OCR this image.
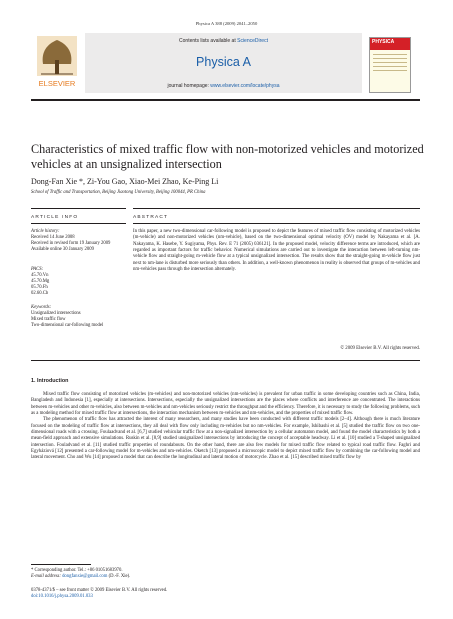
Physica A 388 (2009) 2041–2050
Contents lists available at ScienceDirect
Physica A
journal homepage: www.elsevier.com/locate/physa
ELSEVIER
PHYSICA
Characteristics of mixed traffic flow with non-motorized vehicles and motorized vehicles at an unsignalized intersection
Dong-Fan Xie *, Zi-You Gao, Xiao-Mei Zhao, Ke-Ping Li
School of Traffic and Transportation, Beijing Jiaotong University, Beijing 100044, PR China
ARTICLE INFO	ABSTRACT
Article history:
Received 14 June 2008
Received in revised form 19 January 2009
Available online 30 January 2009
PACS:
45.70.Vn
45.70.Mg
05.70.Fh
02.60.Cb
Keywords:
Unsignalized intersections
Mixed traffic flow
Two-dimensional car-following model
In this paper, a new two-dimensional car-following model is proposed to depict the features of mixed traffic flow consisting of motorized vehicles (m-vehicle) and non-motorized vehicles (nm-vehicle), based on the two-dimensional optimal velocity (OV) model by Nakayama et al. [A. Nakayama, K. Hasebe, Y. Sugiyama, Phys. Rev. E 71 (2005) 036121]. In the proposed model, velocity difference terms are introduced, which are regarded as important factors for traffic behavior. Numerical simulations are carried out to investigate the interaction between left-turning nm-vehicle flow and straight-going m-vehicle flow at a typical unsignalized intersection. The results show that the straight-going m-vehicle flow just next to nm-lane is disturbed more seriously than others. In addition, a well-known phenomenon in reality is observed that groups of m-vehicles and nm-vehicles pass through the intersection alternately.
© 2009 Elsevier B.V. All rights reserved.
1. Introduction

Mixed traffic flow consisting of motorized vehicles (m-vehicles) and non-motorized vehicles (nm-vehicles) is prevalent for urban traffic in some developing countries such as China, India, Bangladesh and Indonesia [1], especially at intersections. Intersections, especially the unsignalized intersections are the places where conflicts and interference are concentrated. The interactions between m-vehicles and other m-vehicles, also between m-vehicles and nm-vehicles seriously restrict the throughput and the efficiency. Therefore, it is necessary to study the following problems, such as a modeling method for mixed traffic flow at intersections, the interaction mechanism between m-vehicles and nm-vehicles, and the properties of mixed traffic flow.

The phenomenon of traffic flow has attracted the interest of many researchers, and many studies have been conducted with different traffic models [2–4]. Although there is much literature focused on the modeling of traffic flow at intersections, they all deal with flow only including m-vehicles but no nm-vehicles. For example, Ishibashi et al. [5] studied the traffic flow on two one-dimensional roads with a crossing. Foulaadvand et al. [6,7] studied vehicular traffic flow at a non-signalized intersection by a cellular automaton model, and found the model characteristics by both a mean-field approach and extensive simulations. Ruskin et al. [8,9] studied unsignalized intersections by introducing the concept of acceptable headway. Li et al. [10] studied a T-shaped unsignalized intersection. Fouladvand et al. [11] studied traffic properties of roundabouts. On the other hand, there are also few models for mixed traffic flow related to typical road traffic flow. Faghri and Egyháziová [12] presented a car-following model for m-vehicles and nm-vehicles. Oketch [13] proposed a microscopic model to depict mixed traffic flow by combining the car-following model and lateral movement. Cho and Wu [14] proposed a model that can describe the longitudinal and lateral motion of motorcycle. Zhao et al. [15] described mixed traffic flow by

* Corresponding author. Tel.: +86 01051683970.
E-mail address: dongfanxie@gmail.com (D.-F. Xie).
0378-4371/$ – see front matter © 2009 Elsevier B.V. All rights reserved.
doi:10.1016/j.physa.2009.01.033
